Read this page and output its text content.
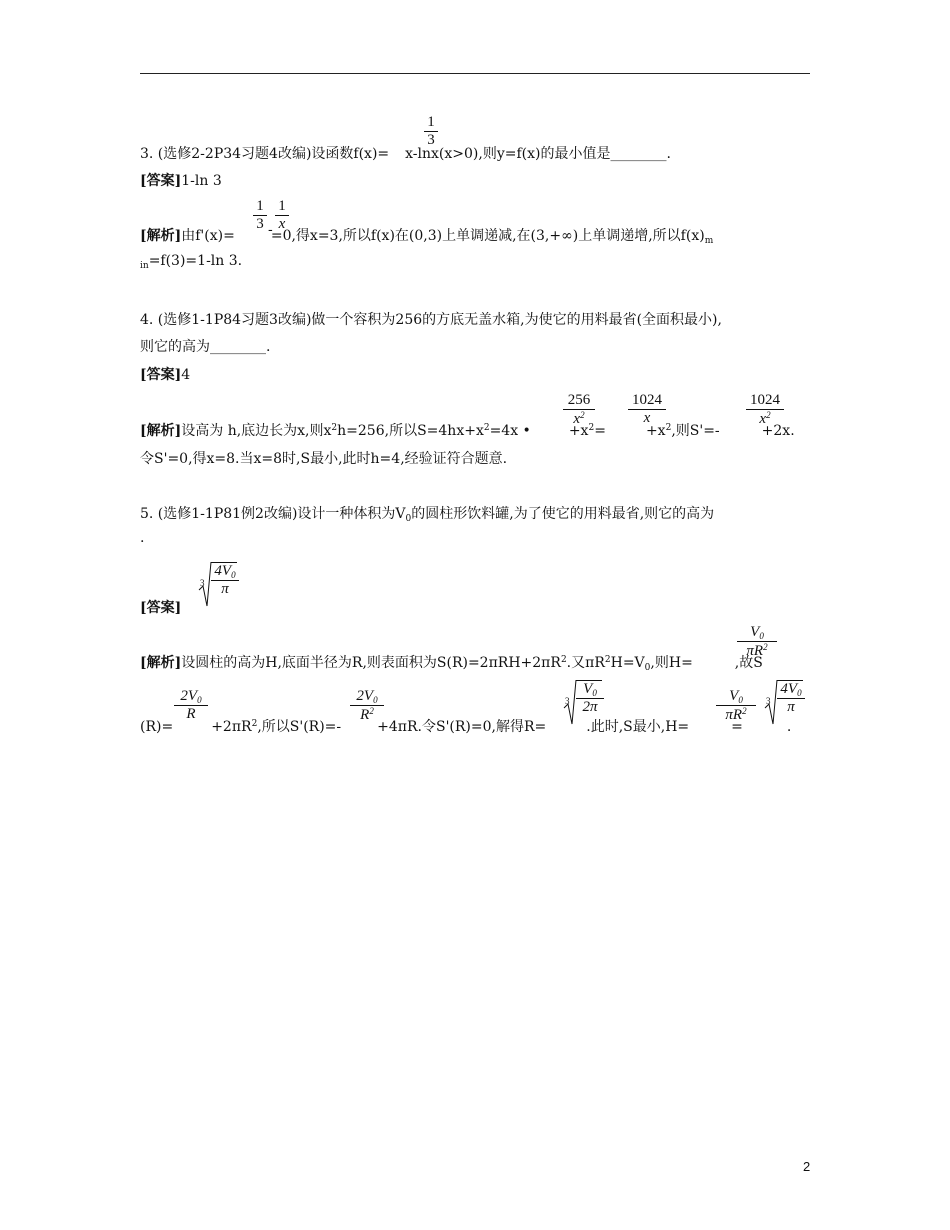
1
3
3. (选修2-2P34习题4改编)设函数f(x)= x-lnx(x>0),则y=f(x)的最小值是________.
[答案]1-ln 3
1
3 -
1
x
[解析]由f'(x)=	=0,得x=3,所以f(x)在(0,3)上单调递减,在(3,+∞)上单调递增,所以$f(x)_m$
$_{in}$=f(3)=1-ln 3.
4. (选修1-1P84习题3改编)做一个容积为256的方底无盖水箱,为使它的用料最省(全面积最小),
则它的高为________.
[答案]4
256
$x^2$
1024
x
1024
$x^2$
[解析]设高为 h,底边长为x,则$x^2h=256$,所以$S=4hx+x^2=4x$ •	$+x^2=$	$+x^2$,则S'=-	+2x.
令S'=0,得x=8.当x=8时,S最小,此时h=4,经验证符合题意.
5. (选修1-1P81例2改编)设计一种体积为$V_0$的圆柱形饮料罐,为了使它的用料最省,则它的高为
.
3
$4V_0$
π
[答案]
$V_0$
$\pi R^2$
[解析]设圆柱的高为H,底面半径为R,则表面积为$S(R)=2\pi RH+2\pi R^2$.又$\pi R^2H=V_0$,则H=	,故S
$2V_0$
R
$2V_0$
$R^2$
3
$V_0$
2π
$V_0$
$\pi R^2$
3
$4V_0$
π
(R)=	$+2\pi R^2$,所以S'(R)=-	+4πR.令S'(R)=0,解得R=	.此时,S最小,H=	=	.
2
